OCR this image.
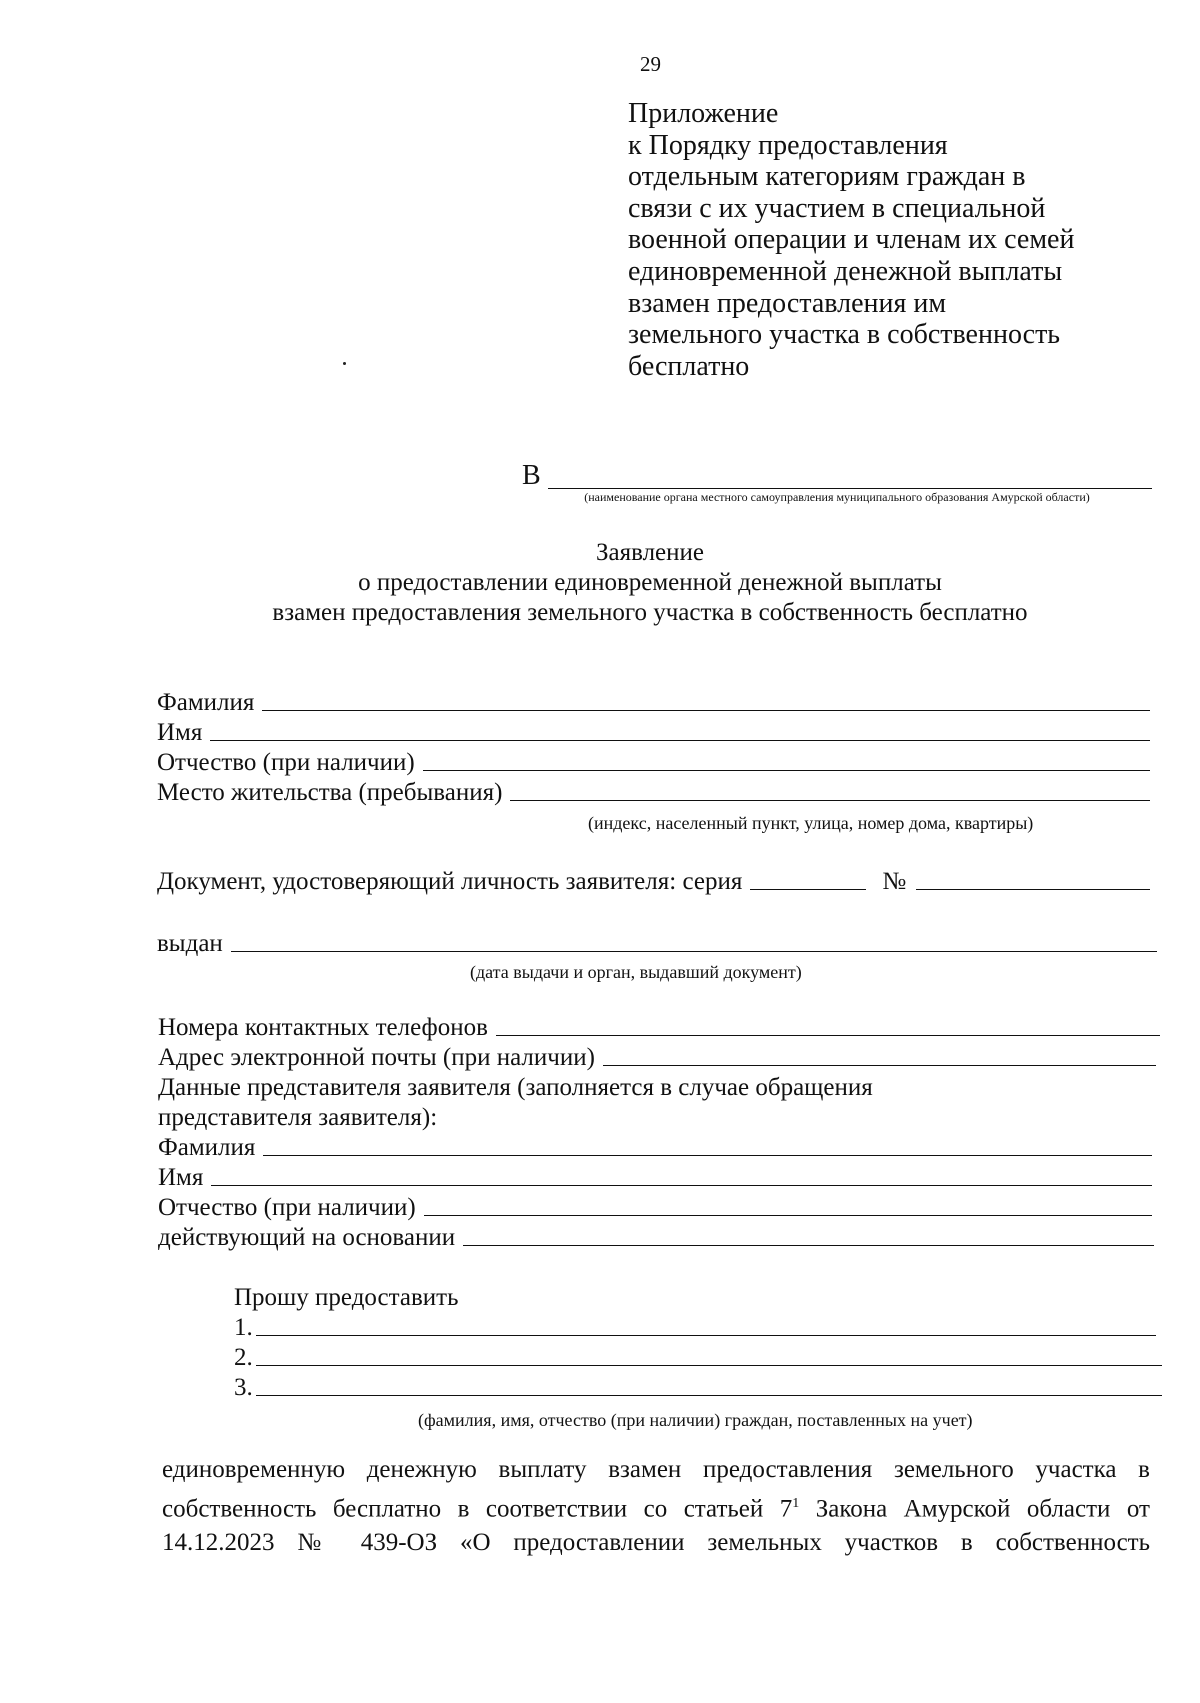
29
Приложение
к Порядку предоставления
отдельным категориям граждан в
связи с их участием в специальной
военной операции и членам их семей
единовременной денежной выплаты
взамен предоставления им
земельного участка в собственность
бесплатно
В
(наименование органа местного самоуправления муниципального образования Амурской области)
Заявление
о предоставлении единовременной денежной выплаты
взамен предоставления земельного участка в собственность бесплатно
Фамилия
Имя
Отчество (при наличии)
Место жительства (пребывания)
(индекс, населенный пункт, улица, номер дома, квартиры)
Документ, удостоверяющий личность заявителя: серия	№
выдан
(дата выдачи и орган, выдавший документ)
Номера контактных телефонов
Адрес электронной почты (при наличии)
Данные представителя заявителя (заполняется в случае обращения
представителя заявителя):
Фамилия
Имя
Отчество (при наличии)
действующий на основании
Прошу предоставить
1.
2.
3.
(фамилия, имя, отчество (при наличии) граждан, поставленных на учет)
единовременную денежную выплату взамен предоставления земельного участка в
собственность бесплатно в соответствии со статьей $7^1$ Закона Амурской области от
14.12.2023 № 439-ОЗ «О предоставлении земельных участков в собственность
